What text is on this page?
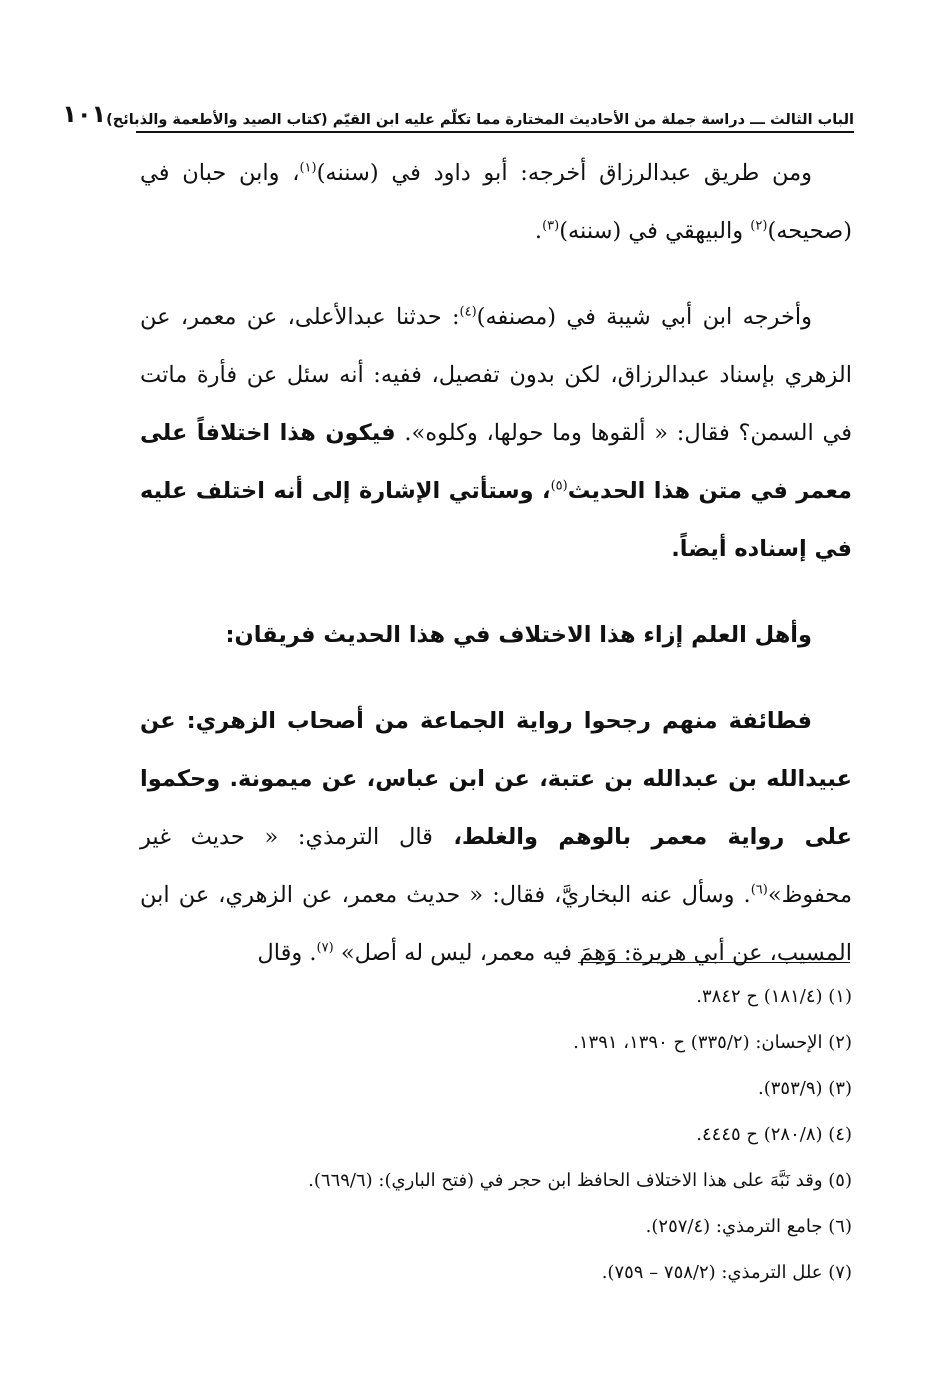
الباب الثالث ـــ دراسة جملة من الأحاديث المختارة مما تكلّم عليه ابن القيّم (كتاب الصيد والأطعمة والذبائح)
١٠١

ومن طريق عبدالرزاق أخرجه: أبو داود في (سننه)$^{(١)}$، وابن حبان في (صحيحه)$^{(٢)}$ والبيهقي في (سننه)$^{(٣)}$.

وأخرجه ابن أبي شيبة في (مصنفه)$^{(٤)}$: حدثنا عبدالأعلى، عن معمر، عن الزهري بإسناد عبدالرزاق، لكن بدون تفصيل، ففيه: أنه سئل عن فأرة ماتت في السمن؟ فقال: « ألقوها وما حولها، وكلوه». فيكون هذا اختلافاً على معمر في متن هذا الحديث$^{(٥)}$، وستأتي الإشارة إلى أنه اختلف عليه في إسناده أيضاً.

وأهل العلم إزاء هذا الاختلاف في هذا الحديث فريقان:

فطائفة منهم رجحوا رواية الجماعة من أصحاب الزهري: عن عبيدالله بن عبدالله بن عتبة، عن ابن عباس، عن ميمونة. وحكموا على رواية معمر بالوهم والغلط، قال الترمذي: « حديث غير محفوظ»$^{(٦)}$. وسأل عنه البخاريَّ، فقال: « حديث معمر، عن الزهري، عن ابن المسيب، عن أبي هريرة: وَهِمَ فيه معمر، ليس له أصل» $^{(٧)}$. وقال

(١) (١٨١/٤) ح ٣٨٤٢.
(٢) الإحسان: (٣٣٥/٢) ح ١٣٩٠، ١٣٩١.
(٣) (٣٥٣/٩).
(٤) (٢٨٠/٨) ح ٤٤٤٥.
(٥) وقد نَبَّهَ على هذا الاختلاف الحافظ ابن حجر في (فتح الباري): (٦٦٩/٦).
(٦) جامع الترمذي: (٢٥٧/٤).
(٧) علل الترمذي: (٧٥٨/٢ – ٧٥٩).
